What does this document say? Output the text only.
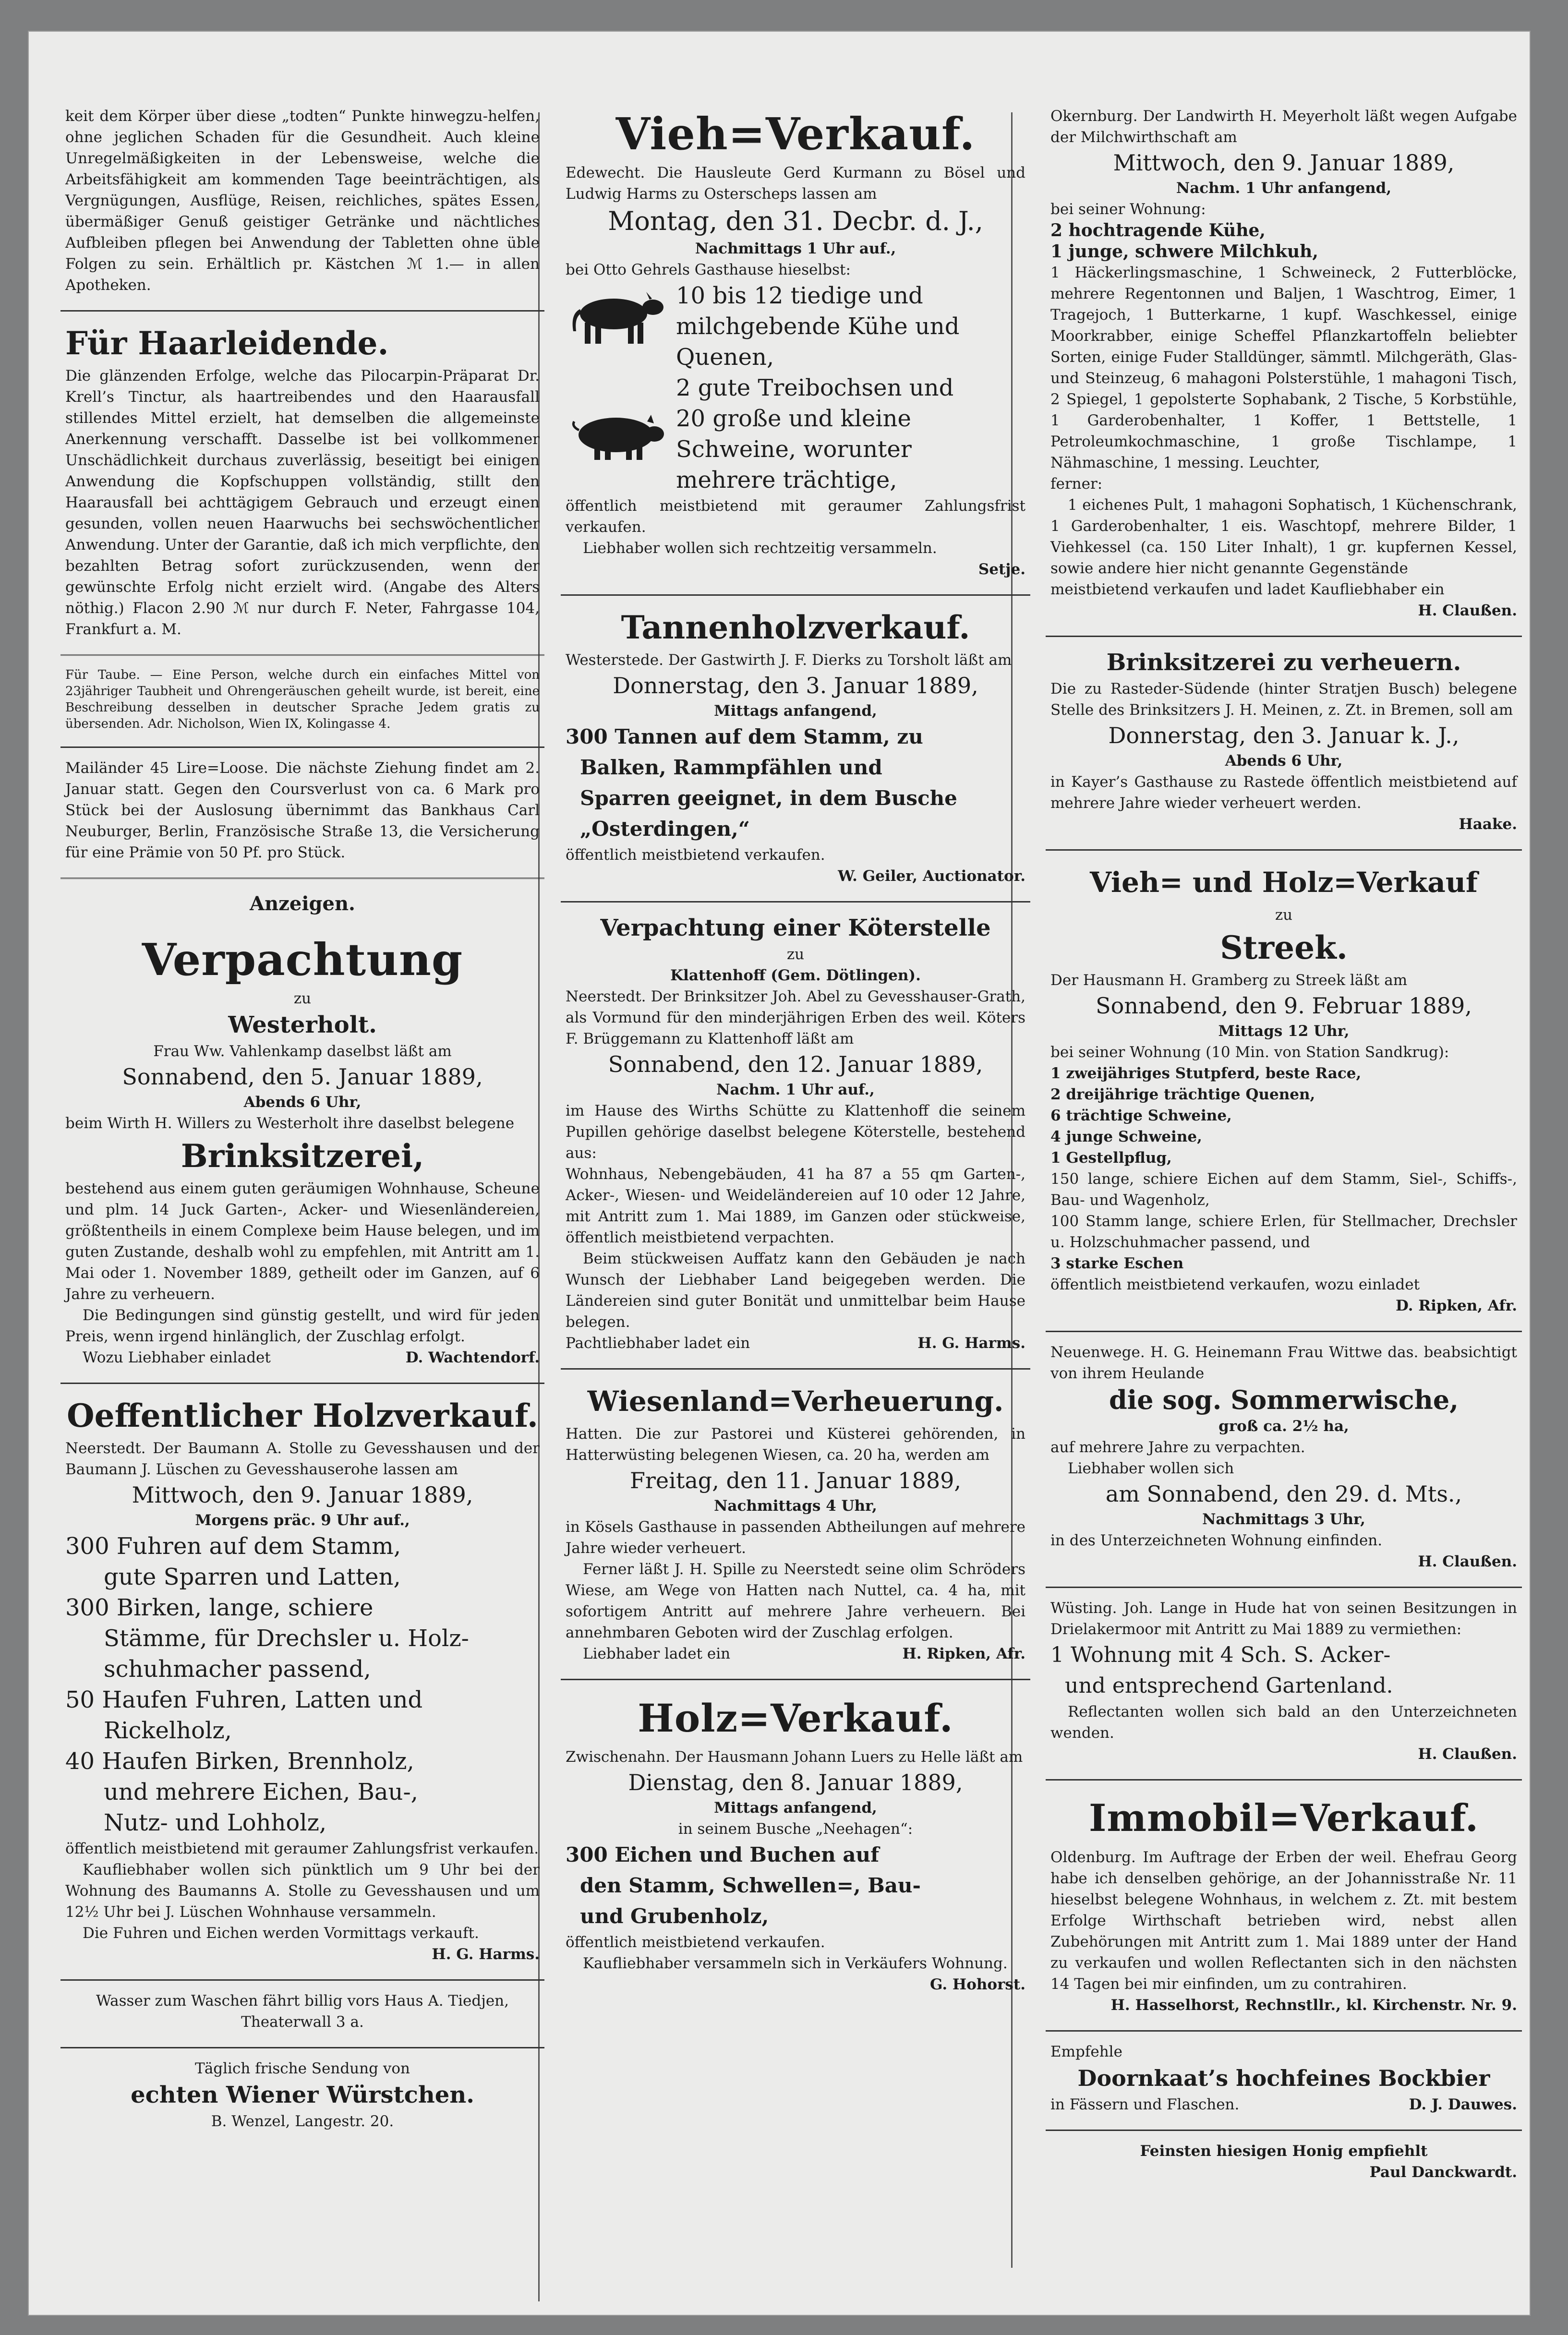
keit dem Körper über diese „todten“ Punkte hinwegzu-helfen, ohne jeglichen Schaden für die Gesundheit. Auch kleine Unregelmäßigkeiten in der Lebensweise, welche die Arbeitsfähigkeit am kommenden Tage beeinträchtigen, als Vergnügungen, Ausflüge, Reisen, reichliches, spätes Essen, übermäßiger Genuß geistiger Getränke und nächtliches Aufbleiben pflegen bei Anwendung der Tabletten ohne üble Folgen zu sein. Erhältlich pr. Kästchen ℳ 1.— in allen Apotheken.

Für Haarleidende.

Die glänzenden Erfolge, welche das Pilocarpin-Präparat Dr. Krell’s Tinctur, als haartreibendes und den Haarausfall stillendes Mittel erzielt, hat demselben die allgemeinste Anerkennung verschafft. Dasselbe ist bei vollkommener Unschädlichkeit durchaus zuverlässig, beseitigt bei einigen Anwendung die Kopfschuppen vollständig, stillt den Haarausfall bei achttägigem Gebrauch und erzeugt einen gesunden, vollen neuen Haarwuchs bei sechswöchentlicher Anwendung. Unter der Garantie, daß ich mich verpflichte, den bezahlten Betrag sofort zurückzusenden, wenn der gewünschte Erfolg nicht erzielt wird. (Angabe des Alters nöthig.) Flacon 2.90 ℳ nur durch F. Neter, Fahrgasse 104, Frankfurt a. M.

Für Taube. — Eine Person, welche durch ein einfaches Mittel von 23jähriger Taubheit und Ohrengeräuschen geheilt wurde, ist bereit, eine Beschreibung desselben in deutscher Sprache Jedem gratis zu übersenden. Adr. Nicholson, Wien IX, Kolingasse 4.

Mailänder 45 Lire=Loose. Die nächste Ziehung findet am 2. Januar statt. Gegen den Coursverlust von ca. 6 Mark pro Stück bei der Auslosung übernimmt das Bankhaus Carl Neuburger, Berlin, Französische Straße 13, die Versicherung für eine Prämie von 50 Pf. pro Stück.

Anzeigen.
Verpachtung

zu

Westerholt.

Frau Ww. Vahlenkamp daselbst läßt am

Sonnabend, den 5. Januar 1889,

Abends 6 Uhr,

beim Wirth H. Willers zu Westerholt ihre daselbst belegene

Brinksitzerei,

bestehend aus einem guten geräumigen Wohnhause, Scheune und plm. 14 Juck Garten-, Acker- und Wiesenländereien, größtentheils in einem Complexe beim Hause belegen, und im guten Zustande, deshalb wohl zu empfehlen, mit Antritt am 1. Mai oder 1. November 1889, getheilt oder im Ganzen, auf 6 Jahre zu verheuern.

Die Bedingungen sind günstig gestellt, und wird für jeden Preis, wenn irgend hinlänglich, der Zuschlag erfolgt.

Wozu Liebhaber einladet	D. Wachtendorf.
Oeffentlicher Holzverkauf.

Neerstedt. Der Baumann A. Stolle zu Gevesshausen und der Baumann J. Lüschen zu Gevesshauserohe lassen am

Mittwoch, den 9. Januar 1889,

Morgens präc. 9 Uhr auf.,

300 Fuhren auf dem Stamm,

gute Sparren und Latten,

300 Birken, lange, schiere

Stämme, für Drechsler u. Holz-

schuhmacher passend,

50 Haufen Fuhren, Latten und

Rickelholz,

40 Haufen Birken, Brennholz,

und mehrere Eichen, Bau-,

Nutz- und Lohholz,

öffentlich meistbietend mit geraumer Zahlungsfrist verkaufen.

Kaufliebhaber wollen sich pünktlich um 9 Uhr bei der Wohnung des Baumanns A. Stolle zu Gevesshausen und um 12½ Uhr bei J. Lüschen Wohnhause versammeln.

Die Fuhren und Eichen werden Vormittags verkauft.

H. G. Harms.

Wasser zum Waschen fährt billig vors Haus A. Tiedjen, Theaterwall 3 a.

Täglich frische Sendung von

echten Wiener Würstchen.

B. Wenzel, Langestr. 20.

Vieh=Verkauf.

Edewecht. Die Hausleute Gerd Kurmann zu Bösel und Ludwig Harms zu Osterscheps lassen am

Montag, den 31. Decbr. d. J.,

Nachmittags 1 Uhr auf.,

bei Otto Gehrels Gasthause hieselbst:

10 bis 12 tiedige und

milchgebende Kühe und

Quenen,

2 gute Treibochsen und

20 große und kleine

Schweine, worunter

mehrere trächtige,

öffentlich meistbietend mit geraumer Zahlungsfrist verkaufen.

Liebhaber wollen sich rechtzeitig versammeln.

Setje.

Tannenholzverkauf.

Westerstede. Der Gastwirth J. F. Dierks zu Torsholt läßt am

Donnerstag, den 3. Januar 1889,

Mittags anfangend,

300 Tannen auf dem Stamm, zu

Balken, Rammpfählen und

Sparren geeignet, in dem Busche

„Osterdingen,“

öffentlich meistbietend verkaufen.

W. Geiler, Auctionator.

Verpachtung einer Köterstelle

zu

Klattenhoff (Gem. Dötlingen).

Neerstedt. Der Brinksitzer Joh. Abel zu Gevesshauser-Grath, als Vormund für den minderjährigen Erben des weil. Köters F. Brüggemann zu Klattenhoff läßt am

Sonnabend, den 12. Januar 1889,

Nachm. 1 Uhr auf.,

im Hause des Wirths Schütte zu Klattenhoff die seinem Pupillen gehörige daselbst belegene Köterstelle, bestehend aus:

Wohnhaus, Nebengebäuden, 41 ha 87 a 55 qm Garten-, Acker-, Wiesen- und Weideländereien auf 10 oder 12 Jahre, mit Antritt zum 1. Mai 1889, im Ganzen oder stückweise, öffentlich meistbietend verpachten.

Beim stückweisen Auffatz kann den Gebäuden je nach Wunsch der Liebhaber Land beigegeben werden. Die Ländereien sind guter Bonität und unmittelbar beim Hause belegen.

Pachtliebhaber ladet ein	H. G. Harms.
Wiesenland=Verheuerung.

Hatten. Die zur Pastorei und Küsterei gehörenden, in Hatterwüsting belegenen Wiesen, ca. 20 ha, werden am

Freitag, den 11. Januar 1889,

Nachmittags 4 Uhr,

in Kösels Gasthause in passenden Abtheilungen auf mehrere Jahre wieder verheuert.

Ferner läßt J. H. Spille zu Neerstedt seine olim Schröders Wiese, am Wege von Hatten nach Nuttel, ca. 4 ha, mit sofortigem Antritt auf mehrere Jahre verheuern. Bei annehmbaren Geboten wird der Zuschlag erfolgen.

Liebhaber ladet ein	H. Ripken, Afr.
Holz=Verkauf.

Zwischenahn. Der Hausmann Johann Luers zu Helle läßt am

Dienstag, den 8. Januar 1889,

Mittags anfangend,

in seinem Busche „Neehagen“:

300 Eichen und Buchen auf

den Stamm, Schwellen=, Bau-

und Grubenholz,

öffentlich meistbietend verkaufen.

Kaufliebhaber versammeln sich in Verkäufers Wohnung.

G. Hohorst.

Okernburg. Der Landwirth H. Meyerholt läßt wegen Aufgabe der Milchwirthschaft am

Mittwoch, den 9. Januar 1889,

Nachm. 1 Uhr anfangend,

bei seiner Wohnung:

2 hochtragende Kühe,

1 junge, schwere Milchkuh,

1 Häckerlingsmaschine, 1 Schweineck, 2 Futterblöcke, mehrere Regentonnen und Baljen, 1 Waschtrog, Eimer, 1 Tragejoch, 1 Butterkarne, 1 kupf. Waschkessel, einige Moorkrabber, einige Scheffel Pflanzkartoffeln beliebter Sorten, einige Fuder Stalldünger, sämmtl. Milchgeräth, Glas- und Steinzeug, 6 mahagoni Polsterstühle, 1 mahagoni Tisch, 2 Spiegel, 1 gepolsterte Sophabank, 2 Tische, 5 Korbstühle, 1 Garderobenhalter, 1 Koffer, 1 Bettstelle, 1 Petroleumkochmaschine, 1 große Tischlampe, 1 Nähmaschine, 1 messing. Leuchter,

ferner:

1 eichenes Pult, 1 mahagoni Sophatisch, 1 Küchenschrank, 1 Garderobenhalter, 1 eis. Waschtopf, mehrere Bilder, 1 Viehkessel (ca. 150 Liter Inhalt), 1 gr. kupfernen Kessel, sowie andere hier nicht genannte Gegenstände

meistbietend verkaufen und ladet Kaufliebhaber ein

H. Claußen.

Brinksitzerei zu verheuern.

Die zu Rasteder-Südende (hinter Stratjen Busch) belegene Stelle des Brinksitzers J. H. Meinen, z. Zt. in Bremen, soll am

Donnerstag, den 3. Januar k. J.,

Abends 6 Uhr,

in Kayer’s Gasthause zu Rastede öffentlich meistbietend auf mehrere Jahre wieder verheuert werden.

Haake.

Vieh= und Holz=Verkauf

zu

Streek.

Der Hausmann H. Gramberg zu Streek läßt am

Sonnabend, den 9. Februar 1889,

Mittags 12 Uhr,

bei seiner Wohnung (10 Min. von Station Sandkrug):

1 zweijähriges Stutpferd, beste Race,

2 dreijährige trächtige Quenen,

6 trächtige Schweine,

4 junge Schweine,

1 Gestellpflug,

150 lange, schiere Eichen auf dem Stamm, Siel-, Schiffs-, Bau- und Wagenholz,

100 Stamm lange, schiere Erlen, für Stellmacher, Drechsler u. Holzschuhmacher passend, und

3 starke Eschen

öffentlich meistbietend verkaufen, wozu einladet

D. Ripken, Afr.

Neuenwege. H. G. Heinemann Frau Wittwe das. beabsichtigt von ihrem Heulande

die sog. Sommerwische,

groß ca. 2½ ha,

auf mehrere Jahre zu verpachten.

Liebhaber wollen sich

am Sonnabend, den 29. d. Mts.,

Nachmittags 3 Uhr,

in des Unterzeichneten Wohnung einfinden.

H. Claußen.

Wüsting. Joh. Lange in Hude hat von seinen Besitzungen in Drielakermoor mit Antritt zu Mai 1889 zu vermiethen:

1 Wohnung mit 4 Sch. S. Acker-

und entsprechend Gartenland.

Reflectanten wollen sich bald an den Unterzeichneten wenden.

H. Claußen.

Immobil=Verkauf.

Oldenburg. Im Auftrage der Erben der weil. Ehefrau Georg habe ich denselben gehörige, an der Johannisstraße Nr. 11 hieselbst belegene Wohnhaus, in welchem z. Zt. mit bestem Erfolge Wirthschaft betrieben wird, nebst allen Zubehörungen mit Antritt zum 1. Mai 1889 unter der Hand zu verkaufen und wollen Reflectanten sich in den nächsten 14 Tagen bei mir einfinden, um zu contrahiren.

H. Hasselhorst, Rechnstllr., kl. Kirchenstr. Nr. 9.

Empfehle

Doornkaat’s hochfeines Bockbier
in Fässern und Flaschen.	D. J. Dauwes.

Feinsten hiesigen Honig empfiehlt

Paul Danckwardt.
